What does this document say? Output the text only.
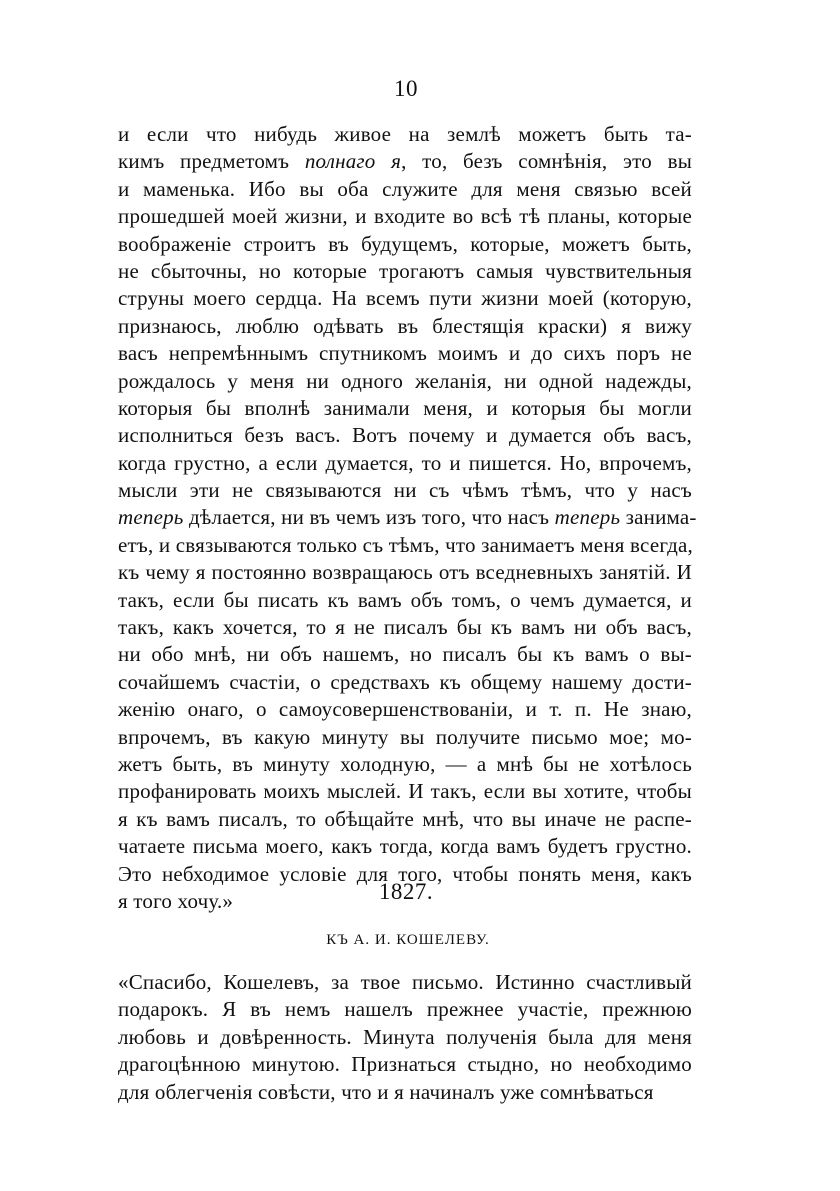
10
и если что нибудь живое на землѣ можетъ быть та-
кимъ предметомъ полнаго я, то, безъ сомнѣнія, это вы
и маменька. Ибо вы оба служите для меня связью всей
прошедшей моей жизни, и входите во всѣ тѣ планы, которые
воображеніе строитъ въ будущемъ, которые, можетъ быть,
не сбыточны, но которые трогаютъ самыя чувствительныя
струны моего сердца. На всемъ пути жизни моей (которую,
признаюсь, люблю одѣвать въ блестящія краски) я вижу
васъ непремѣннымъ спутникомъ моимъ и до сихъ поръ не
рождалось у меня ни одного желанія, ни одной надежды,
которыя бы вполнѣ занимали меня, и которыя бы могли
исполниться безъ васъ. Вотъ почему и думается объ васъ,
когда грустно, а если думается, то и пишется. Но, впрочемъ,
мысли эти не связываются ни съ чѣмъ тѣмъ, что у насъ
теперь дѣлается, ни въ чемъ изъ того, что насъ теперь занима-
етъ, и связываются только съ тѣмъ, что занимаетъ меня всегда,
къ чему я постоянно возвращаюсь отъ вседневныхъ занятій. И
такъ, если бы писать къ вамъ объ томъ, о чемъ думается, и
такъ, какъ хочется, то я не писалъ бы къ вамъ ни объ васъ,
ни обо мнѣ, ни объ нашемъ, но писалъ бы къ вамъ о вы-
сочайшемъ счастіи, о средствахъ къ общему нашему дости-
женію онаго, о самоусовершенствованіи, и т. п. Не знаю,
впрочемъ, въ какую минуту вы получите письмо мое; мо-
жетъ быть, въ минуту холодную, — а мнѣ бы не хотѣлось
профанировать моихъ мыслей. И такъ, если вы хотите, чтобы
я къ вамъ писалъ, то обѣщайте мнѣ, что вы иначе не распе-
чатаете письма моего, какъ тогда, когда вамъ будетъ грустно.
Это небходимое условіе для того, чтобы понять меня, какъ
я того хочу.»	1827.
КЪ А. И. КОШЕЛЕВУ.
«Спасибо, Кошелевъ, за твое письмо. Истинно счастливый
подарокъ. Я въ немъ нашелъ прежнее участіе, прежнюю
любовь и довѣренность. Минута полученія была для меня
драгоцѣнною минутою. Признаться стыдно, но необходимо
для облегченія совѣсти, что и я начиналъ уже сомнѣваться
